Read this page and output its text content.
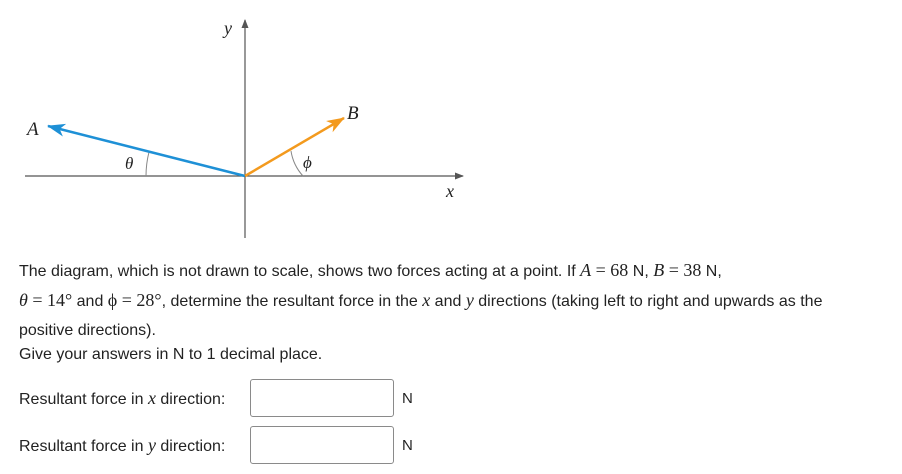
y
x
A
B
θ	ϕ
The diagram, which is not drawn to scale, shows two forces acting at a point. If A = 68 N, B = 38 N,
θ = 14° and ϕ = 28°, determine the resultant force in the x and y directions (taking left to right and upwards as the positive directions).
Give your answers in N to 1 decimal place.
Resultant force in x direction:	N
Resultant force in y direction:	N
